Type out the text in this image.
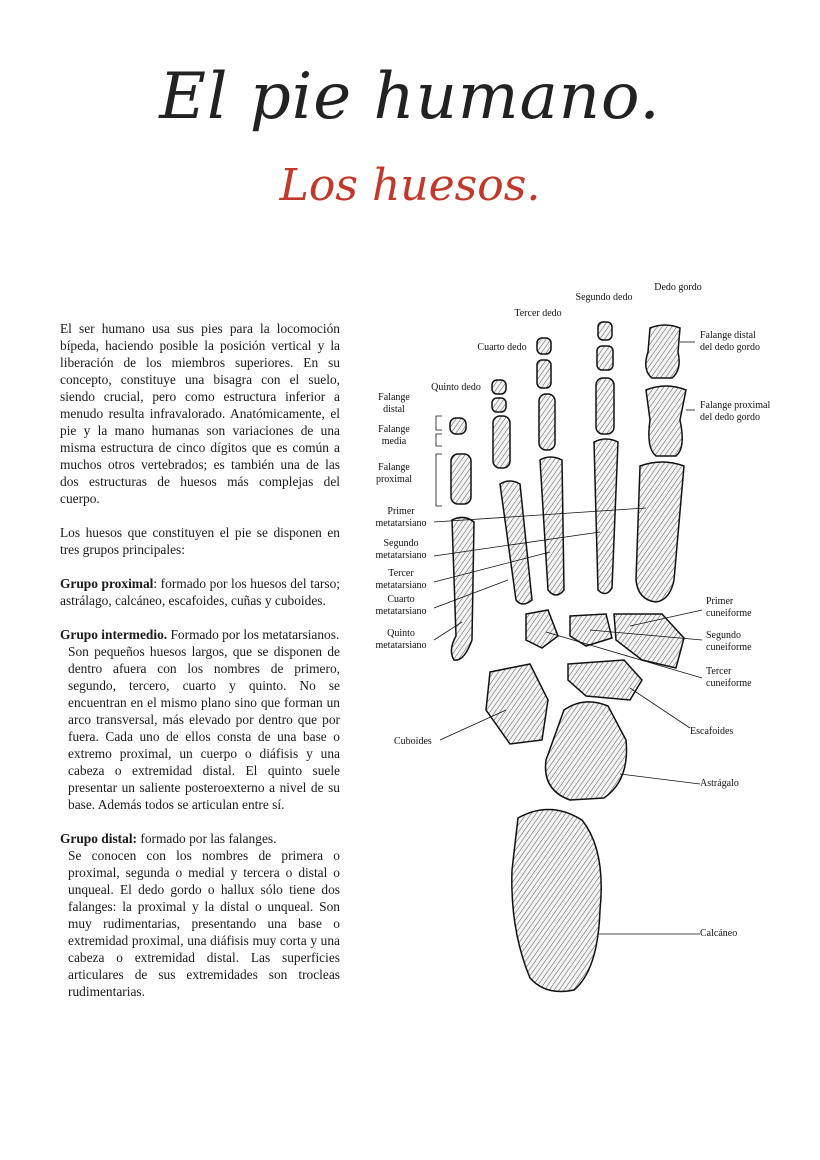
El pie humano.
Los huesos.

El ser humano usa sus pies para la locomoción bípeda, haciendo posible la posición vertical y la liberación de los miembros superiores. En su concepto, constituye una bisagra con el suelo, siendo crucial, pero como estructura inferior a menudo resulta infravalorado. Anatómicamente, el pie y la mano humanas son variaciones de una misma estructura de cinco dígitos que es común a muchos otros vertebrados; es también una de las dos estructuras de huesos más complejas del cuerpo.

Los huesos que constituyen el pie se disponen en tres grupos principales:

Grupo proximal: formado por los huesos del tarso; astrálago, calcáneo, escafoides, cuñas y cuboides.

Grupo intermedio. Formado por los metatarsianos.

Son pequeños huesos largos, que se disponen de dentro afuera con los nombres de primero, segundo, tercero, cuarto y quinto. No se encuentran en el mismo plano sino que forman un arco transversal, más elevado por dentro que por fuera. Cada uno de ellos consta de una base o extremo proximal, un cuerpo o diáfisis y una cabeza o extremidad distal. El quinto suele presentar un saliente posteroexterno a nivel de su base. Además todos se articulan entre sí.

Grupo distal: formado por las falanges.

Se conocen con los nombres de primera o proximal, segunda o medial y tercera o distal o unqueal. El dedo gordo o hallux sólo tiene dos falanges: la proximal y la distal o unqueal. Son muy rudimentarias, presentando una base o extremidad proximal, una diáfisis muy corta y una cabeza o extremidad distal. Las superficies articulares de sus extremidades son trocleas rudimentarias.
Dedo gordo
Segundo dedo
Tercer dedo
Cuarto dedo
Quinto dedo
Falange
distal
Falange
media
Falange
proximal
Falange distal
del dedo gordo
Falange proximal
del dedo gordo
Primer
metatarsiano
Segundo
metatarsiano
Tercer
metatarsiano
Cuarto
metatarsiano
Quinto
metatarsiano
Primer
cuneiforme
Segundo
cuneiforme
Tercer
cuneiforme
Escafoides
Cuboides
Astrágalo
Calcáneo
